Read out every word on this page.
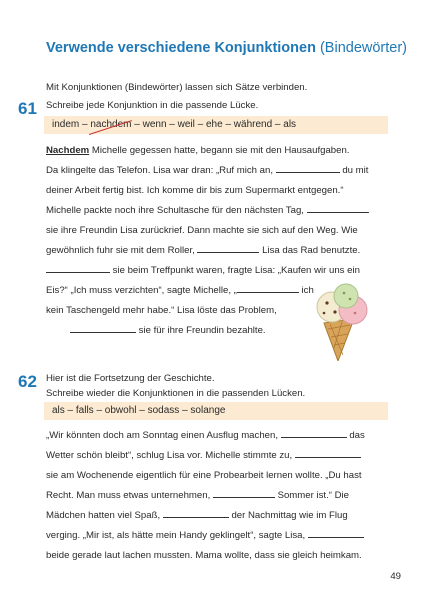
Verwende verschiedene Konjunktionen (Bindewörter)
61
Mit Konjunktionen (Bindewörter) lassen sich Sätze verbinden.
Schreibe jede Konjunktion in die passende Lücke.
indem – nachdem – wenn – weil – ehe – während – als
Nachdem Michelle gegessen hatte, begann sie mit den Hausaufgaben.
Da klingelte das Telefon. Lisa war dran: „Ruf mich an,	du mit
deiner Arbeit fertig bist. Ich komme dir bis zum Supermarkt entgegen.“
Michelle packte noch ihre Schultasche für den nächsten Tag,
sie ihre Freundin Lisa zurückrief. Dann machte sie sich auf den Weg. Wie
gewöhnlich fuhr sie mit dem Roller,	Lisa das Rad benutzte.
sie beim Treffpunkt waren, fragte Lisa: „Kaufen wir uns ein
Eis?“ „Ich muss verzichten“, sagte Michelle, „	ich
kein Taschengeld mehr habe.“ Lisa löste das Problem,
sie für ihre Freundin bezahlte.
62 Hier ist die Fortsetzung der Geschichte.
Schreibe wieder die Konjunktionen in die passenden Lücken.
als – falls – obwohl – sodass – solange
„Wir könnten doch am Sonntag einen Ausflug machen,	das
Wetter schön bleibt“, schlug Lisa vor. Michelle stimmte zu,
sie am Wochenende eigentlich für eine Probearbeit lernen wollte. „Du hast
Recht. Man muss etwas unternehmen,	Sommer ist.“ Die
Mädchen hatten viel Spaß,	der Nachmittag wie im Flug
verging. „Mir ist, als hätte mein Handy geklingelt“, sagte Lisa,
beide gerade laut lachen mussten. Mama wollte, dass sie gleich heimkam.
49
